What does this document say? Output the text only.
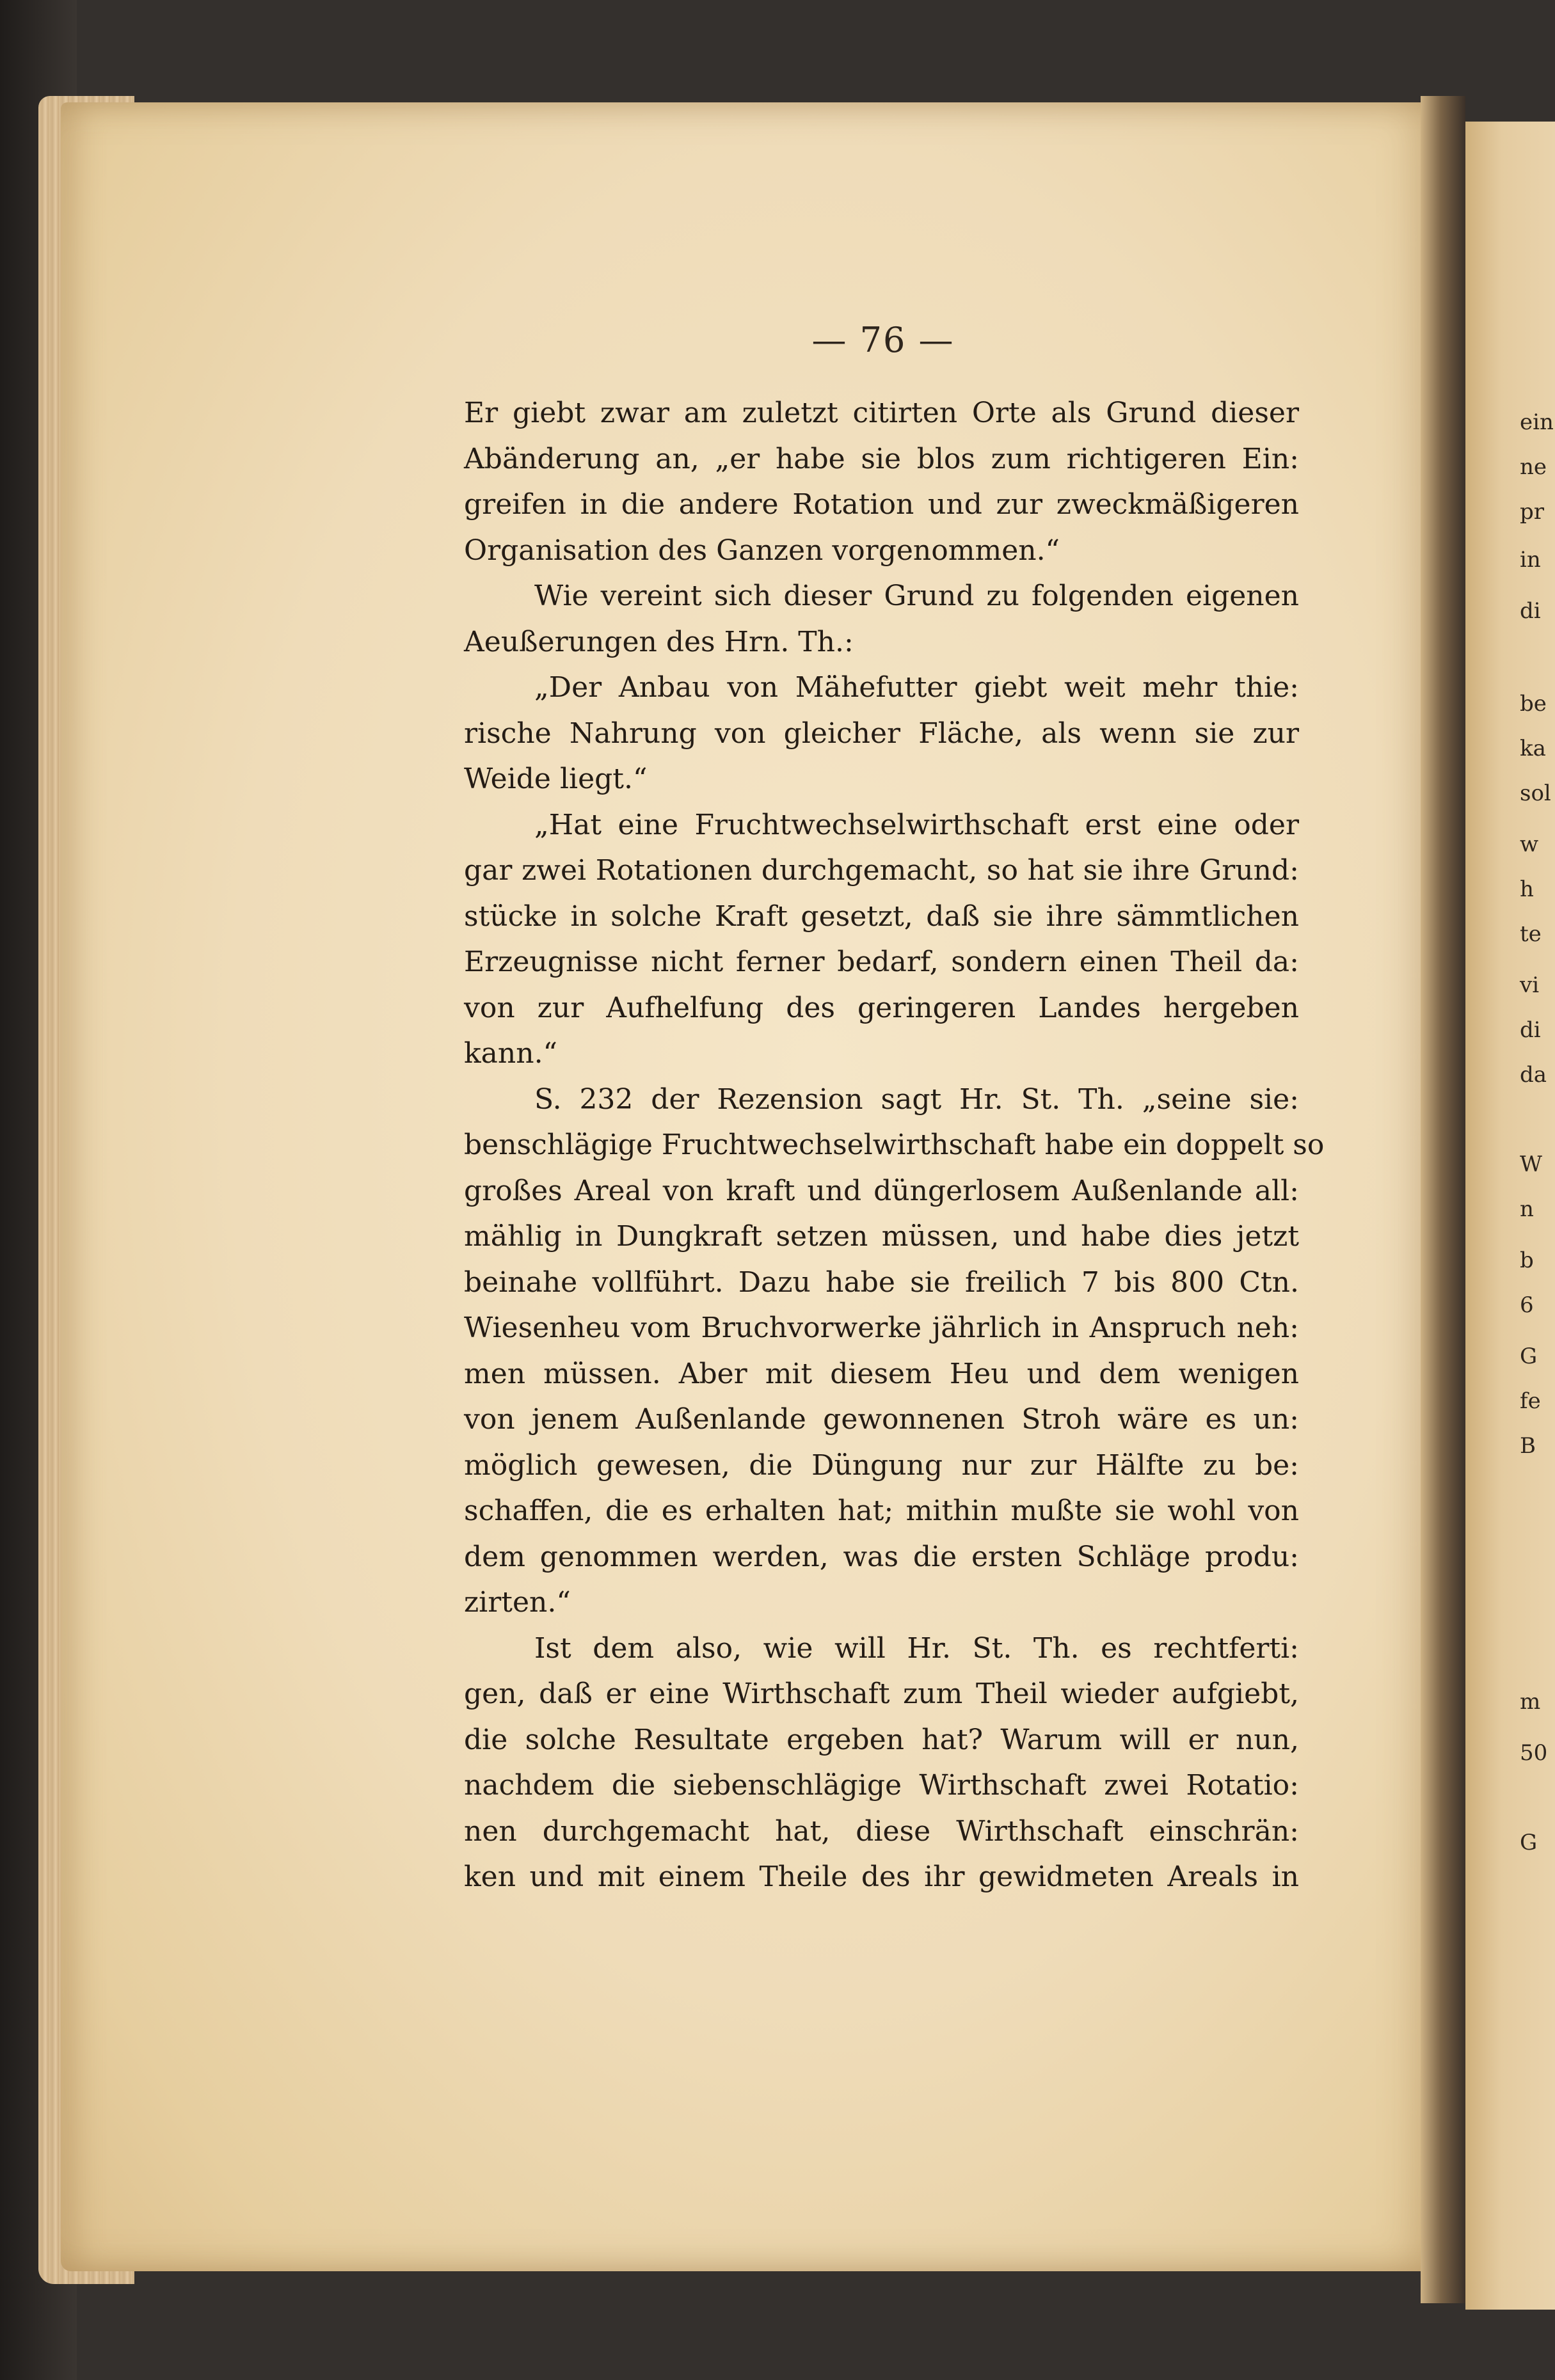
— 76 —
Er giebt zwar am zuletzt citirten Orte als Grund dieser
Abänderung an, „er habe sie blos zum richtigeren Ein:
greifen in die andere Rotation und zur zweckmäßigeren
Organisation des Ganzen vorgenommen.“
Wie vereint sich dieser Grund zu folgenden eigenen
Aeußerungen des Hrn. Th.:
„Der Anbau von Mähefutter giebt weit mehr thie:
rische Nahrung von gleicher Fläche, als wenn sie zur
Weide liegt.“
„Hat eine Fruchtwechselwirthschaft erst eine oder
gar zwei Rotationen durchgemacht, so hat sie ihre Grund:
stücke in solche Kraft gesetzt, daß sie ihre sämmtlichen
Erzeugnisse nicht ferner bedarf, sondern einen Theil da:
von zur Aufhelfung des geringeren Landes hergeben
kann.“
S. 232 der Rezension sagt Hr. St. Th. „seine sie:
benschlägige Fruchtwechselwirthschaft habe ein doppelt so
großes Areal von kraft und düngerlosem Außenlande all:
mählig in Dungkraft setzen müssen, und habe dies jetzt
beinahe vollführt. Dazu habe sie freilich 7 bis 800 Ctn.
Wiesenheu vom Bruchvorwerke jährlich in Anspruch neh:
men müssen. Aber mit diesem Heu und dem wenigen
von jenem Außenlande gewonnenen Stroh wäre es un:
möglich gewesen, die Düngung nur zur Hälfte zu be:
schaffen, die es erhalten hat; mithin mußte sie wohl von
dem genommen werden, was die ersten Schläge produ:
zirten.“
Ist dem also, wie will Hr. St. Th. es rechtferti:
gen, daß er eine Wirthschaft zum Theil wieder aufgiebt,
die solche Resultate ergeben hat? Warum will er nun,
nachdem die siebenschlägige Wirthschaft zwei Rotatio:
nen durchgemacht hat, diese Wirthschaft einschrän:
ken und mit einem Theile des ihr gewidmeten Areals in
ein
ne
pr
in
di
be
ka
sol
w
h
te
vi
di
da
W
n
b
6
G
fe
B
m
50
G
